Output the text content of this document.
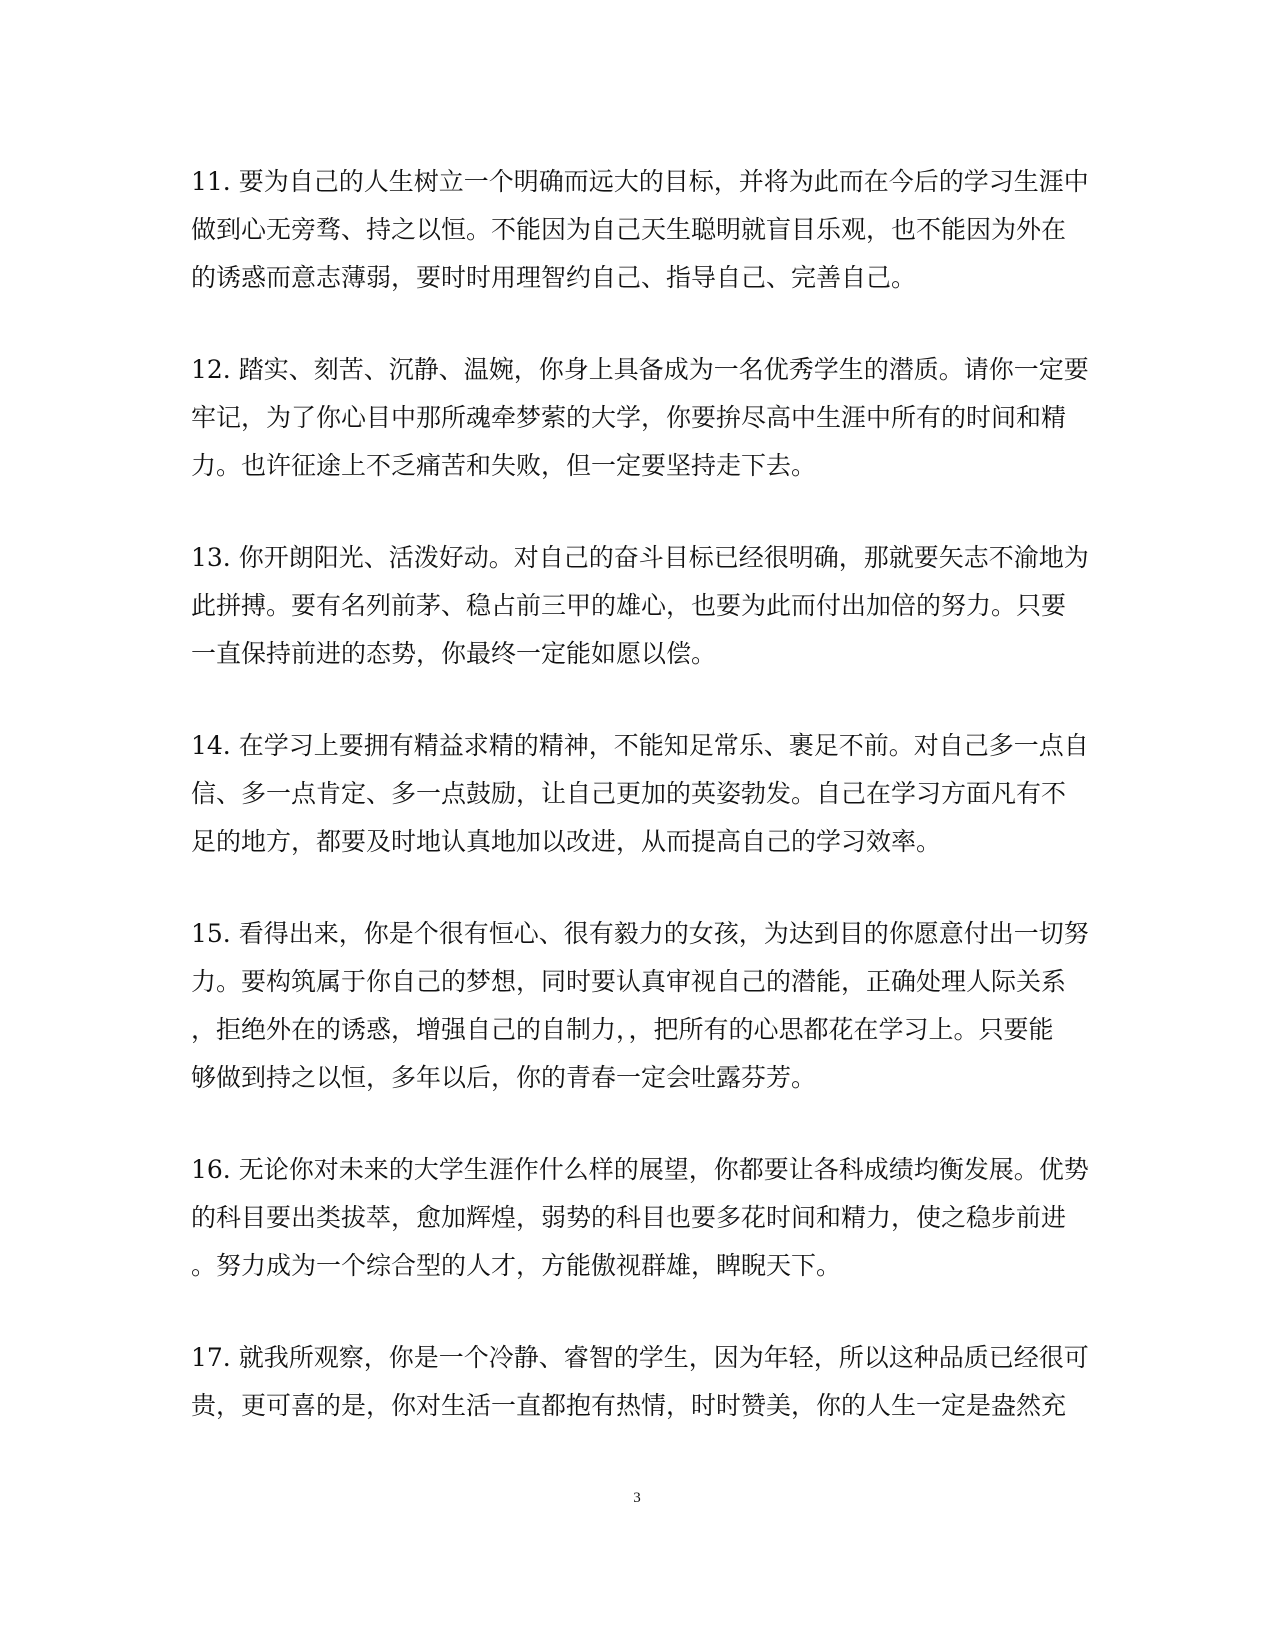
11. 要为自己的人生树立一个明确而远大的目标，并将为此而在今后的学习生涯中
做到心无旁骛、持之以恒。不能因为自己天生聪明就盲目乐观，也不能因为外在
的诱惑而意志薄弱，要时时用理智约自己、指导自己、完善自己。

12. 踏实、刻苦、沉静、温婉，你身上具备成为一名优秀学生的潜质。请你一定要
牢记，为了你心目中那所魂牵梦萦的大学，你要拚尽高中生涯中所有的时间和精
力。也许征途上不乏痛苦和失败，但一定要坚持走下去。

13. 你开朗阳光、活泼好动。对自己的奋斗目标已经很明确，那就要矢志不渝地为
此拼搏。要有名列前茅、稳占前三甲的雄心，也要为此而付出加倍的努力。只要
一直保持前进的态势，你最终一定能如愿以偿。

14. 在学习上要拥有精益求精的精神，不能知足常乐、裹足不前。对自己多一点自
信、多一点肯定、多一点鼓励，让自己更加的英姿勃发。自己在学习方面凡有不
足的地方，都要及时地认真地加以改进，从而提高自己的学习效率。

15. 看得出来，你是个很有恒心、很有毅力的女孩，为达到目的你愿意付出一切努
力。要构筑属于你自己的梦想，同时要认真审视自己的潜能，正确处理人际关系
，拒绝外在的诱惑，增强自己的自制力，，把所有的心思都花在学习上。只要能
够做到持之以恒，多年以后，你的青春一定会吐露芬芳。

16. 无论你对未来的大学生涯作什么样的展望，你都要让各科成绩均衡发展。优势
的科目要出类拔萃，愈加辉煌，弱势的科目也要多花时间和精力，使之稳步前进
。努力成为一个综合型的人才，方能傲视群雄，睥睨天下。

17. 就我所观察，你是一个冷静、睿智的学生，因为年轻，所以这种品质已经很可
贵，更可喜的是，你对生活一直都抱有热情，时时赞美，你的人生一定是盎然充

3
